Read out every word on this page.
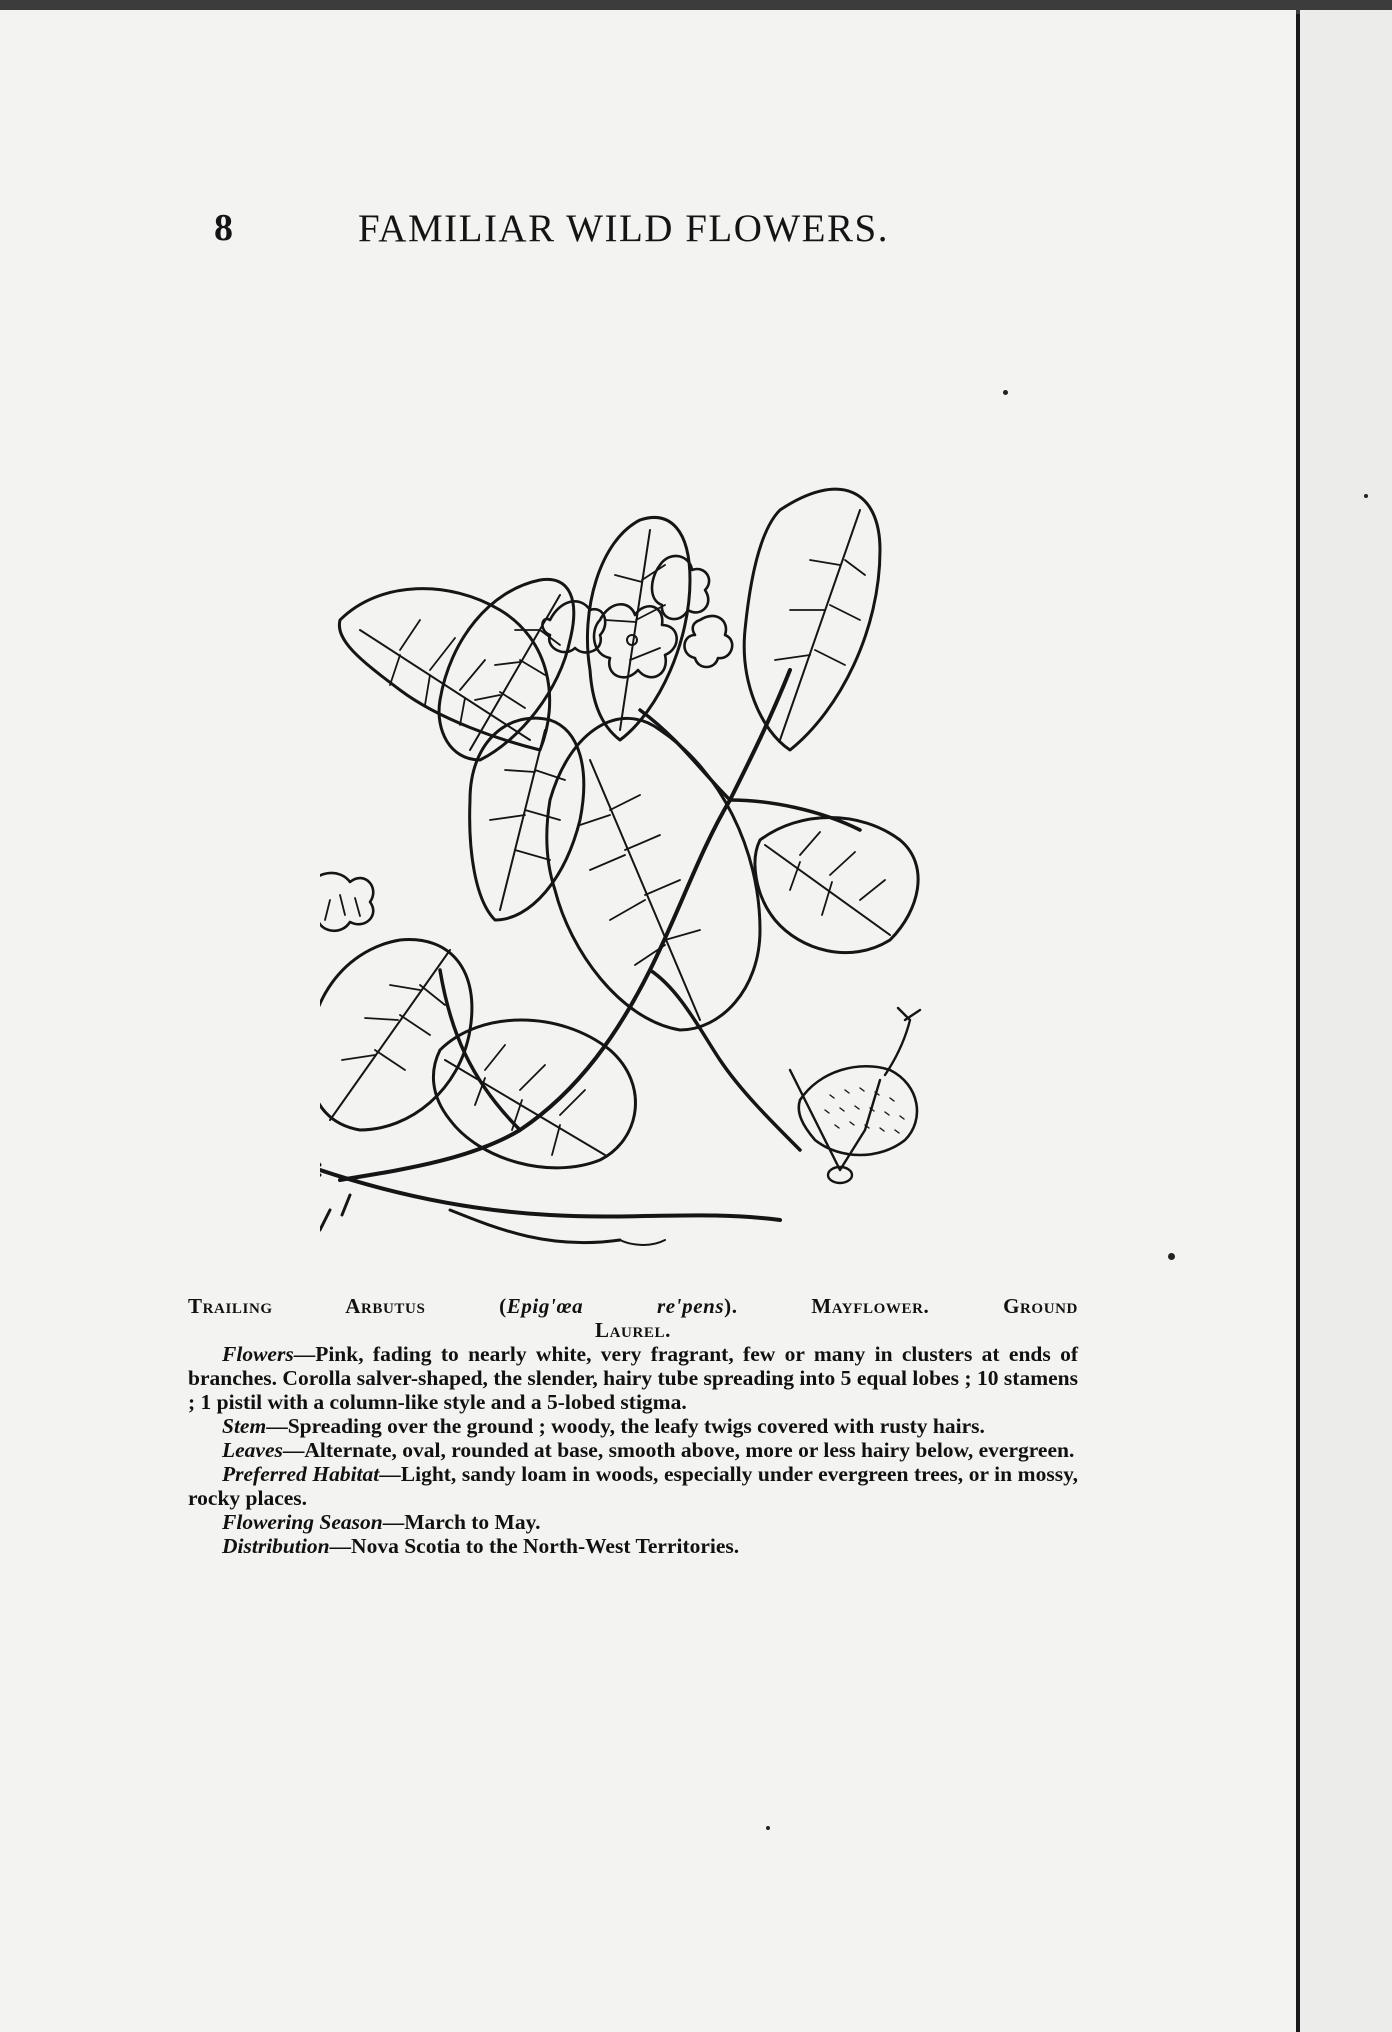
8	FAMILIAR WILD FLOWERS.
Trailing Arbutus	(Epig'œa re'pens).	Mayflower.	Ground
Laurel.

Flowers—Pink, fading to nearly white, very fragrant, few or many in clusters at ends of branches. Corolla salver-shaped, the slender, hairy tube spreading into 5 equal lobes ; 10 stamens ; 1 pistil with a column-like style and a 5-lobed stigma.

Stem—Spreading over the ground ; woody, the leafy twigs covered with rusty hairs.

Leaves—Alternate, oval, rounded at base, smooth above, more or less hairy below, evergreen.

Preferred Habitat—Light, sandy loam in woods, especially under evergreen trees, or in mossy, rocky places.

Flowering Season—March to May.

Distribution—Nova Scotia to the North-West Territories.
